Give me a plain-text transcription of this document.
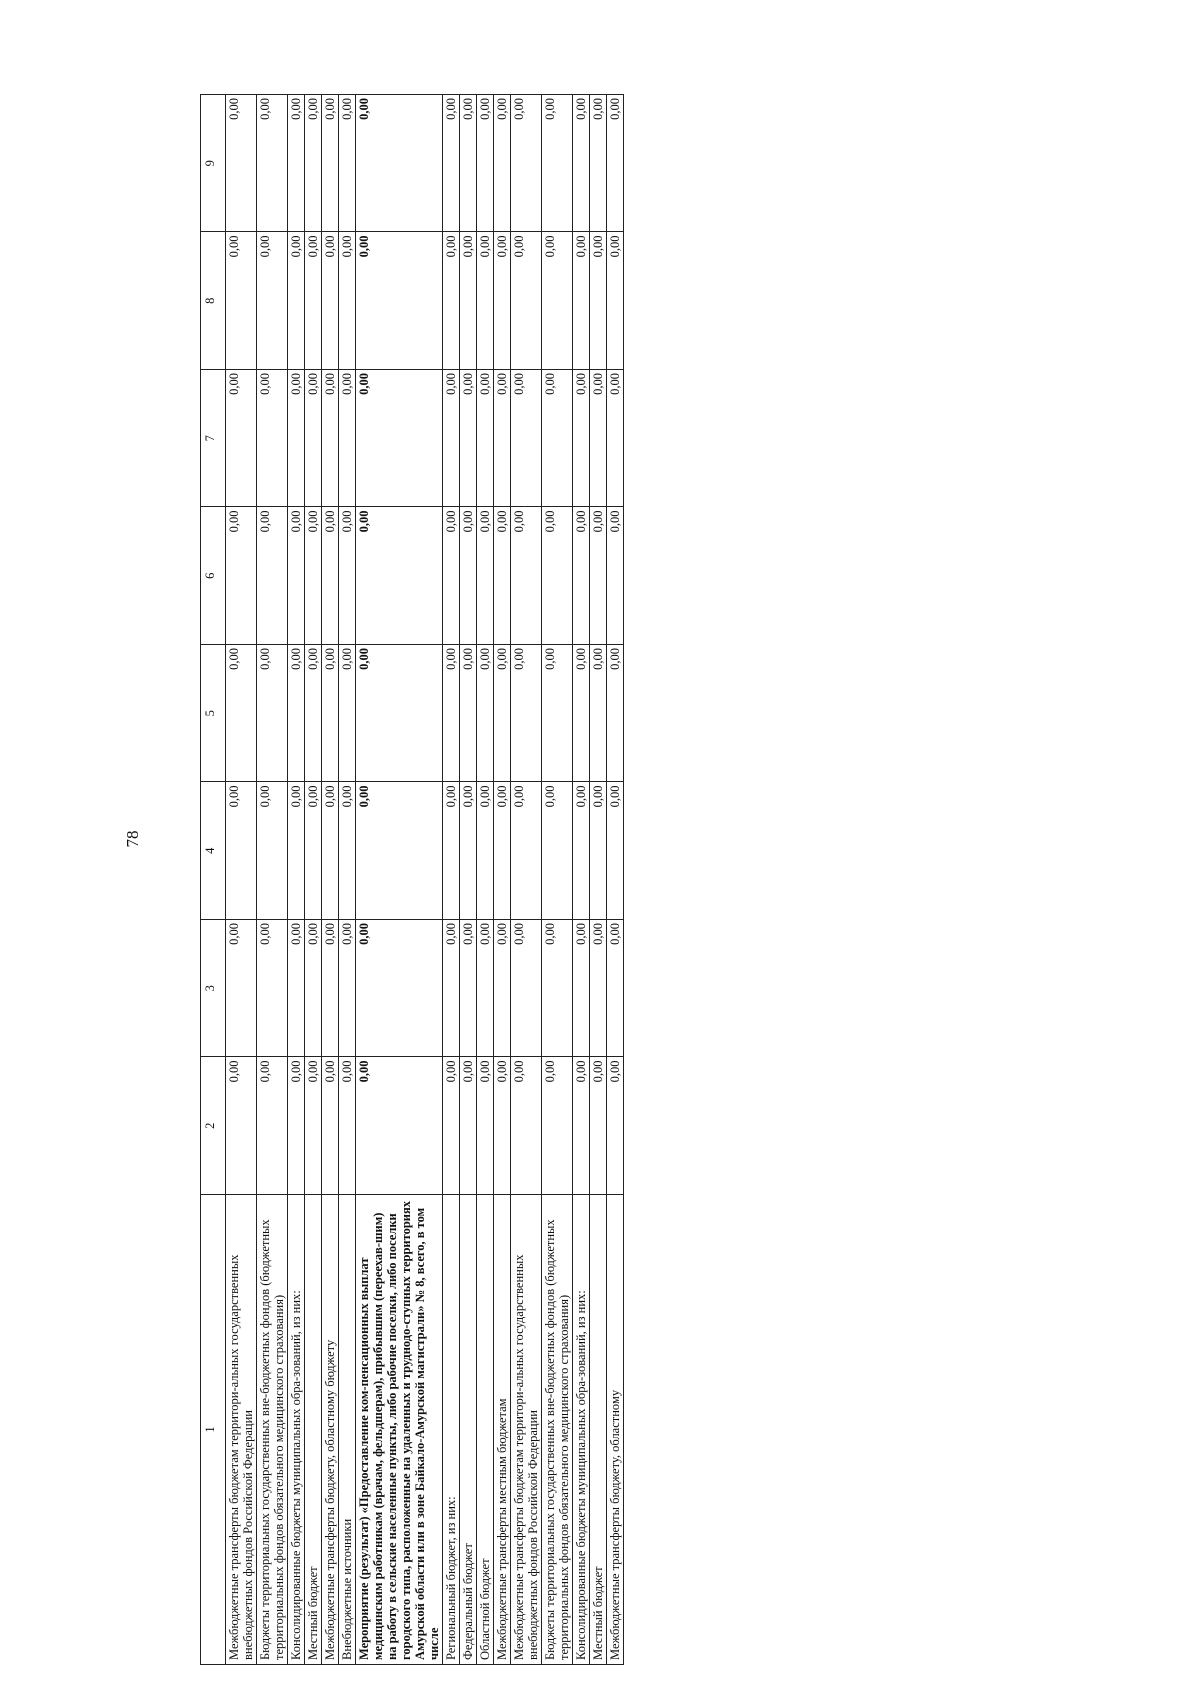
78
1	2	3	4	5	6	7	8	9
Межбюджетные трансферты бюджетам территори-альных государственных внебюджетных фондов Российской Федерации	0,00	0,00	0,00	0,00	0,00	0,00	0,00	0,00
Бюджеты территориальных государственных вне-бюджетных фондов (бюджетных территориальных фондов обязательного медицинского страхования)	0,00	0,00	0,00	0,00	0,00	0,00	0,00	0,00
Консолидированные бюджеты муниципальных обра-зований, из них:	0,00	0,00	0,00	0,00	0,00	0,00	0,00	0,00
Местный бюджет	0,00	0,00	0,00	0,00	0,00	0,00	0,00	0,00
Межбюджетные трансферты бюджету, областному бюджету	0,00	0,00	0,00	0,00	0,00	0,00	0,00	0,00
Внебюджетные источники	0,00	0,00	0,00	0,00	0,00	0,00	0,00	0,00
Мероприятие (результат) «Предоставление ком-пенсационных выплат медицинским работникам (врачам, фельдшерам), прибывшим (переехав-шим) на работу в сельские населенные пункты, либо рабочие поселки, либо поселки городского типа, расположенные на удаленных и труднодо-ступных территориях Амурской области или в зоне Байкало-Амурской магистрали» № 8, всего, в том числе	0,00	0,00	0,00	0,00	0,00	0,00	0,00	0,00
Региональный бюджет, из них:	0,00	0,00	0,00	0,00	0,00	0,00	0,00	0,00
Федеральный бюджет	0,00	0,00	0,00	0,00	0,00	0,00	0,00	0,00
Областной бюджет	0,00	0,00	0,00	0,00	0,00	0,00	0,00	0,00
Межбюджетные трансферты местным бюджетам	0,00	0,00	0,00	0,00	0,00	0,00	0,00	0,00
Межбюджетные трансферты бюджетам территори-альных государственных внебюджетных фондов Российской Федерации	0,00	0,00	0,00	0,00	0,00	0,00	0,00	0,00
Бюджеты территориальных государственных вне-бюджетных фондов (бюджетных территориальных фондов обязательного медицинского страхования)	0,00	0,00	0,00	0,00	0,00	0,00	0,00	0,00
Консолидированные бюджеты муниципальных обра-зований, из них:	0,00	0,00	0,00	0,00	0,00	0,00	0,00	0,00
Местный бюджет	0,00	0,00	0,00	0,00	0,00	0,00	0,00	0,00
Межбюджетные трансферты бюджету, областному	0,00	0,00	0,00	0,00	0,00	0,00	0,00	0,00
